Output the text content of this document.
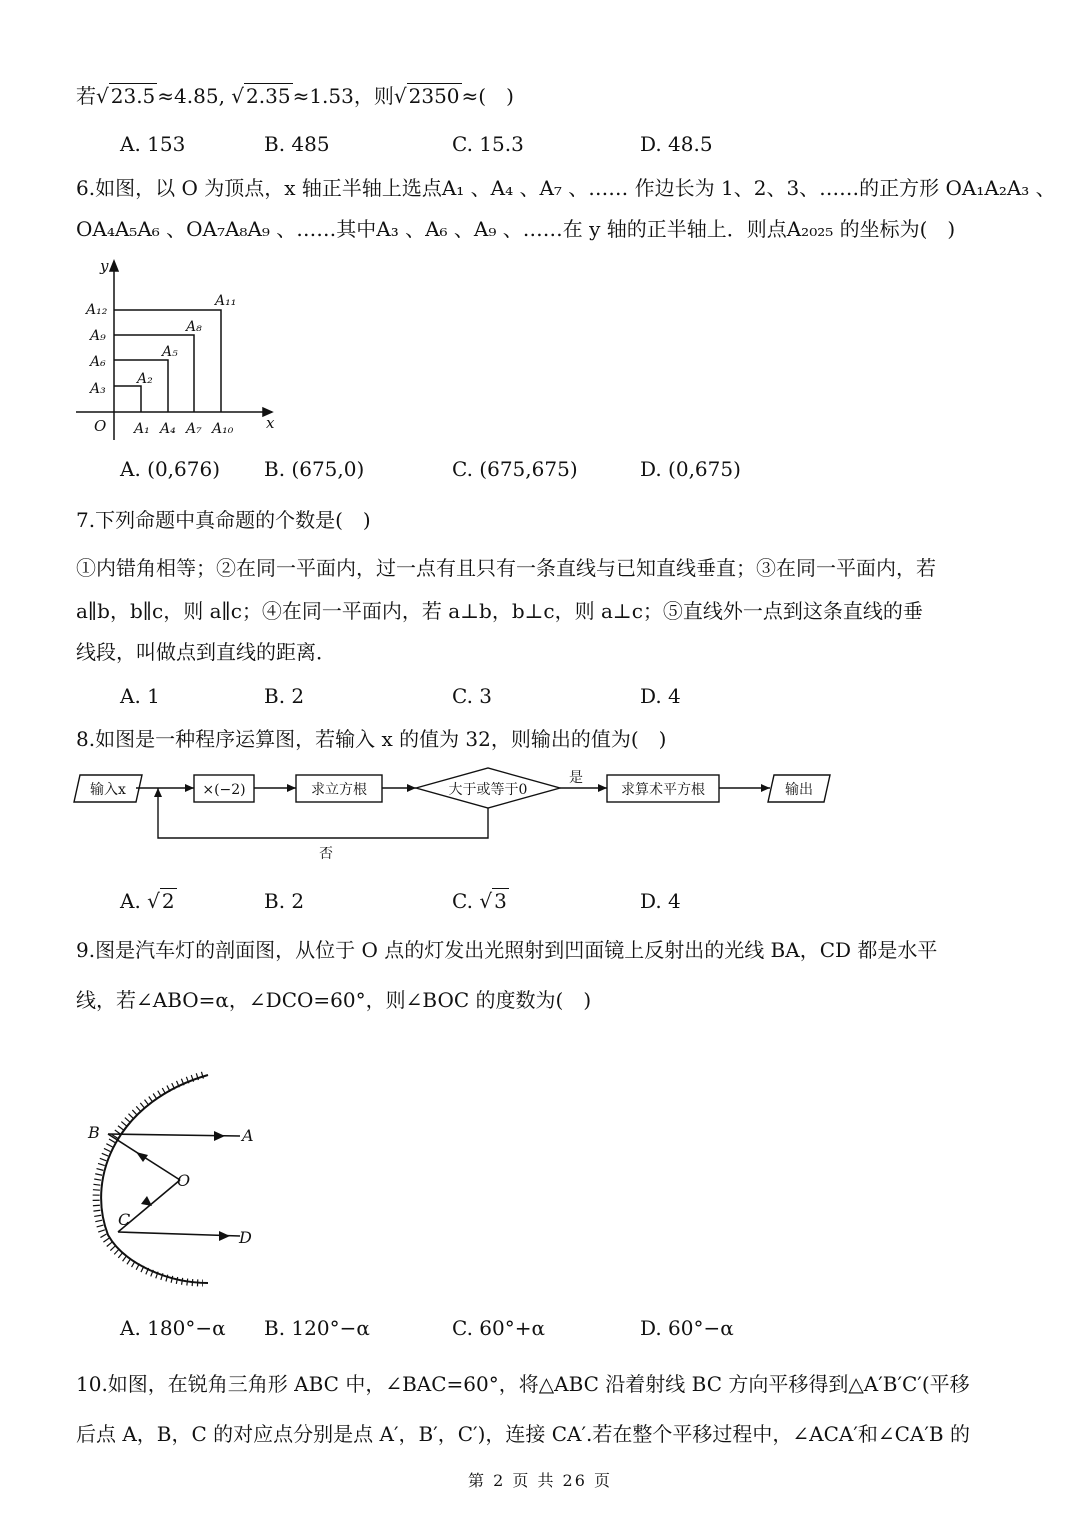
若√ 23.5 ≈4.85, √ 2.35 ≈1.53，则√ 2350 ≈(　)
A. 153	B. 485	C. 15.3	D. 48.5
6.如图，以 O 为顶点，x 轴正半轴上选点A₁ 、A₄ 、A₇ 、…… 作边长为 1、2、3、……的正方形 OA₁A₂A₃ 、
OA₄A₅A₆ 、OA₇A₈A₉ 、……其中A₃ 、A₆ 、A₉ 、……在 y 轴的正半轴上．则点A₂₀₂₅ 的坐标为(　)
y
x
O A₁ A₄ A₇ A₁₀
A₃
A₆
A₉
A₁₂
A₂
A₅
A₈
A₁₁
A. (0,676) B. (675,0)	C. (675,675)	D. (0,675)
7.下列命题中真命题的个数是(　)
①内错角相等；②在同一平面内，过一点有且只有一条直线与已知直线垂直；③在同一平面内，若
a∥b，b∥c，则 a∥c；④在同一平面内，若 a⊥b，b⊥c，则 a⊥c；⑤直线外一点到这条直线的垂
线段，叫做点到直线的距离．
A. 1	B. 2	C. 3	D. 4
8.如图是一种程序运算图，若输入 x 的值为 32，则输出的值为(　)
输入x	×(−2)	求立方根	大于或等于0
是
求算术平方根	输出
否
A. √ 2	B. 2	C. √ 3	D. 4
9.图是汽车灯的剖面图，从位于 O 点的灯发出光照射到凹面镜上反射出的光线 BA，CD 都是水平
线，若∠ABO=α，∠DCO=60°，则∠BOC 的度数为(　)
B	A
O
C
D
A. 180°−α B. 120°−α	C. 60°+α	D. 60°−α
10.如图，在锐角三角形 ABC 中，∠BAC=60°，将△ABC 沿着射线 BC 方向平移得到△A′B′C′(平移
后点 A，B，C 的对应点分别是点 A′，B′，C′)，连接 CA′.若在整个平移过程中，∠ACA′和∠CA′B 的
第 2 页 共 26 页
